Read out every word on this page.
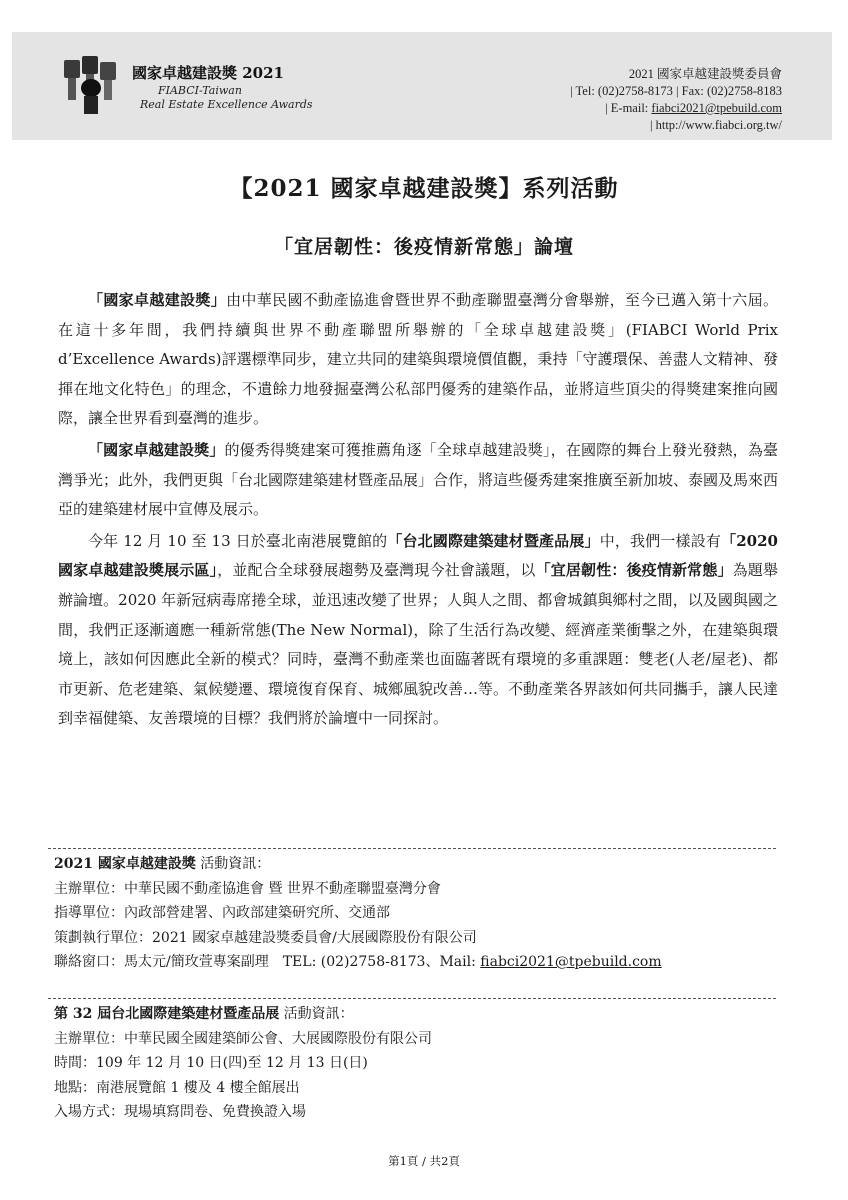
國家卓越建設獎 2021
FIABCI-Taiwan
Real Estate Excellence Awards
2021 國家卓越建設獎委員會
| Tel: (02)2758-8173 | Fax: (02)2758-8183
| E-mail: fiabci2021@tpebuild.com
| http://www.fiabci.org.tw/
【2021 國家卓越建設獎】系列活動
「宜居韌性：後疫情新常態」論壇

「國家卓越建設獎」由中華民國不動產協進會暨世界不動產聯盟臺灣分會舉辦，至今已邁入第十六屆。在這十多年間，我們持續與世界不動產聯盟所舉辦的「全球卓越建設獎」(FIABCI World Prix d’Excellence Awards)評選標準同步，建立共同的建築與環境價值觀，秉持「守護環保、善盡人文精神、發揮在地文化特色」的理念，不遺餘力地發掘臺灣公私部門優秀的建築作品，並將這些頂尖的得獎建案推向國際，讓全世界看到臺灣的進步。

「國家卓越建設獎」的優秀得獎建案可獲推薦角逐「全球卓越建設獎」，在國際的舞台上發光發熱，為臺灣爭光；此外，我們更與「台北國際建築建材暨產品展」合作，將這些優秀建案推廣至新加坡、泰國及馬來西亞的建築建材展中宣傳及展示。

今年 12 月 10 至 13 日於臺北南港展覽館的「台北國際建築建材暨產品展」中，我們一樣設有「2020 國家卓越建設獎展示區」，並配合全球發展趨勢及臺灣現今社會議題，以「宜居韌性：後疫情新常態」為題舉辦論壇。2020 年新冠病毒席捲全球，並迅速改變了世界；人與人之間、都會城鎮與鄉村之間，以及國與國之間，我們正逐漸適應一種新常態(The New Normal)，除了生活行為改變、經濟產業衝擊之外，在建築與環境上，該如何因應此全新的模式？同時，臺灣不動產業也面臨著既有環境的多重課題：雙老(人老/屋老)、都市更新、危老建築、氣候變遷、環境復育保育、城鄉風貌改善…等。不動產業各界該如何共同攜手，讓人民達到幸福健築、友善環境的目標？我們將於論壇中一同探討。

2021 國家卓越建設獎 活動資訊：
主辦單位：中華民國不動產協進會 暨 世界不動產聯盟臺灣分會
指導單位：內政部營建署、內政部建築研究所、交通部
策劃執行單位：2021 國家卓越建設獎委員會/大展國際股份有限公司
聯絡窗口：馬太元/簡玫萱專案副理　TEL: (02)2758-8173、Mail: fiabci2021@tpebuild.com
第 32 屆台北國際建築建材暨產品展 活動資訊：
主辦單位：中華民國全國建築師公會、大展國際股份有限公司
時間：109 年 12 月 10 日(四)至 12 月 13 日(日)
地點：南港展覽館 1 樓及 4 樓全館展出
入場方式：現場填寫問卷、免費換證入場
第1頁 / 共2頁
